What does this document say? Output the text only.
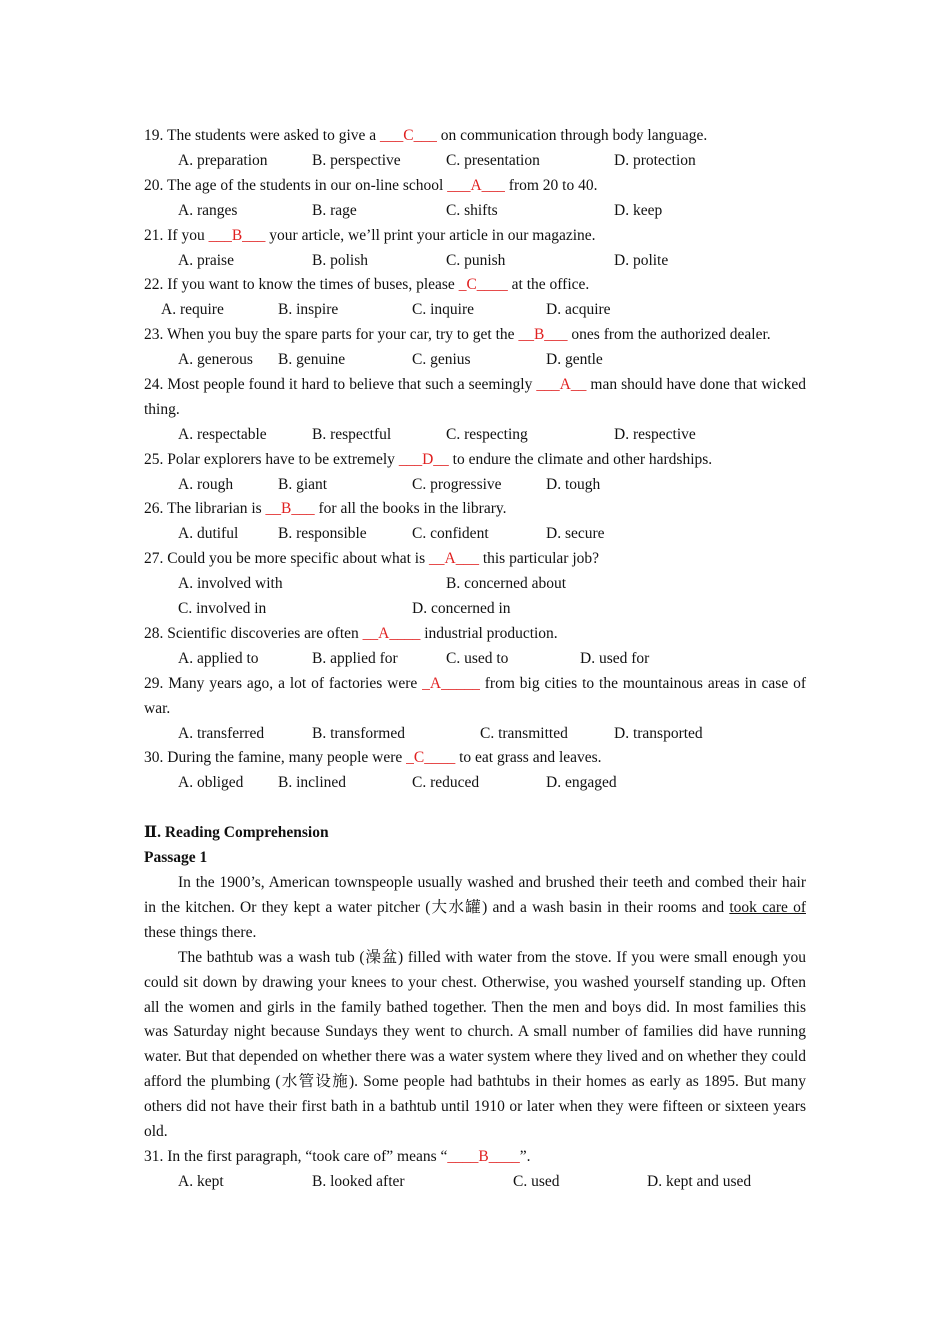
19. The students were asked to give a ___C___ on communication through body language.
A. preparation	B. perspective	C. presentation	D. protection
20. The age of the students in our on-line school ___A___ from 20 to 40.
A. ranges	B. rage	C. shifts	D. keep
21. If you ___B___ your article, we’ll print your article in our magazine.
A. praise	B. polish	C. punish	D. polite
22. If you want to know the times of buses, please _C____ at the office.
A. require	B. inspire	C. inquire	D. acquire
23. When you buy the spare parts for your car, try to get the __B___ ones from the authorized dealer.
A. generous B. genuine	C. genius	D. gentle
24. Most people found it hard to believe that such a seemingly ___A__ man should have done that wicked thing.
A. respectable	B. respectful	C. respecting	D. respective
25. Polar explorers have to be extremely ___D__ to endure the climate and other hardships.
A. rough	B. giant	C. progressive	D. tough
26. The librarian is __B___ for all the books in the library.
A. dutiful	B. responsible	C. confident	D. secure
27. Could you be more specific about what is __A___ this particular job?
A. involved with	B. concerned about
C. involved in	D. concerned in
28. Scientific discoveries are often __A____ industrial production.
A. applied to	B. applied for	C. used to	D. used for
29. Many years ago, a lot of factories were _A_____ from big cities to the mountainous areas in case of war.
A. transferred	B. transformed	C. transmitted	D. transported
30. During the famine, many people were _C____ to eat grass and leaves.
A. obliged B. inclined	C. reduced	D. engaged
Ⅱ. Reading Comprehension
Passage 1
In the 1900’s, American townspeople usually washed and brushed their teeth and combed their hair in the kitchen. Or they kept a water pitcher (大水罐) and a wash basin in their rooms and took care of these things there.
The bathtub was a wash tub (澡盆) filled with water from the stove. If you were small enough you could sit down by drawing your knees to your chest. Otherwise, you washed yourself standing up. Often all the women and girls in the family bathed together. Then the men and boys did. In most families this was Saturday night because Sundays they went to church. A small number of families did have running water. But that depended on whether there was a water system where they lived and on whether they could afford the plumbing (水管设施). Some people had bathtubs in their homes as early as 1895. But many others did not have their first bath in a bathtub until 1910 or later when they were fifteen or sixteen years old.
31. In the first paragraph, “took care of” means “____B____”.
A. kept	B. looked after	C. used	D. kept and used
